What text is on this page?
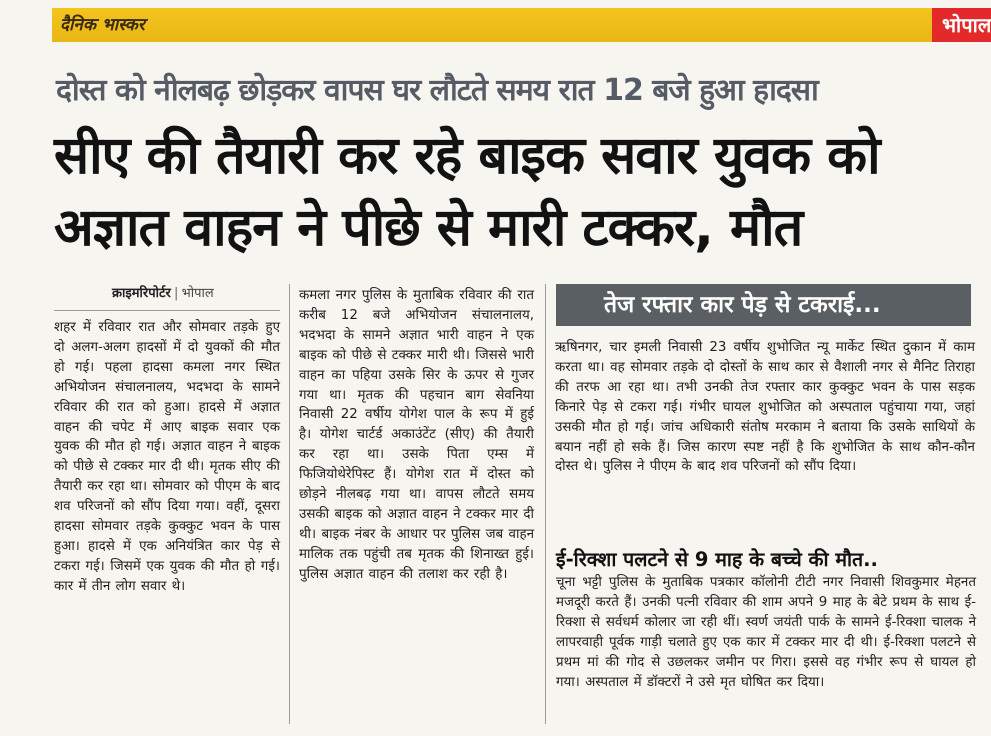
दैनिक भास्कर	भोपाल
दोस्त को नीलबढ़ छोड़कर वापस घर लौटते समय रात 12 बजे हुआ हादसा
सीए की तैयारी कर रहे बाइक सवार युवक को अज्ञात वाहन ने पीछे से मारी टक्कर, मौत
क्राइमरिपोर्टर | भोपाल
शहर में रविवार रात और सोमवार तड़के हुए दो अलग-अलग हादसों में दो युवकों की मौत हो गई। पहला हादसा कमला नगर स्थित अभियोजन संचालनालय, भदभदा के सामने रविवार की रात को हुआ। हादसे में अज्ञात वाहन की चपेट में आए बाइक सवार एक युवक की मौत हो गई। अज्ञात वाहन ने बाइक को पीछे से टक्कर मार दी थी। मृतक सीए की तैयारी कर रहा था। सोमवार को पीएम के बाद शव परिजनों को सौंप दिया गया। वहीं, दूसरा हादसा सोमवार तड़के कुक्कुट भवन के पास हुआ। हादसे में एक अनियंत्रित कार पेड़ से टकरा गई। जिसमें एक युवक की मौत हो गई। कार में तीन लोग सवार थे।
कमला नगर पुलिस के मुताबिक रविवार की रात करीब 12 बजे अभियोजन संचालनालय, भदभदा के सामने अज्ञात भारी वाहन ने एक बाइक को पीछे से टक्कर मारी थी। जिससे भारी वाहन का पहिया उसके सिर के ऊपर से गुजर गया था। मृतक की पहचान बाग सेवनिया निवासी 22 वर्षीय योगेश पाल के रूप में हुई है। योगेश चार्टर्ड अकाउंटेंट (सीए) की तैयारी कर रहा था। उसके पिता एम्स में फिजियोथेरेपिस्ट हैं। योगेश रात में दोस्त को छोड़ने नीलबढ़ गया था। वापस लौटते समय उसकी बाइक को अज्ञात वाहन ने टक्कर मार दी थी। बाइक नंबर के आधार पर पुलिस जब वाहन मालिक तक पहुंची तब मृतक की शिनाख्त हुई। पुलिस अज्ञात वाहन की तलाश कर रही है।
तेज रफ्तार कार पेड़ से टकराई...

ऋषिनगर, चार इमली निवासी 23 वर्षीय शुभोजित न्यू मार्केट स्थित दुकान में काम करता था। वह सोमवार तड़के दो दोस्तों के साथ कार से वैशाली नगर से मैनिट तिराहा की तरफ आ रहा था। तभी उनकी तेज रफ्तार कार कुक्कुट भवन के पास सड़क किनारे पेड़ से टकरा गई। गंभीर घायल शुभोजित को अस्पताल पहुंचाया गया, जहां उसकी मौत हो गई। जांच अधिकारी संतोष मरकाम ने बताया कि उसके साथियों के बयान नहीं हो सके हैं। जिस कारण स्पष्ट नहीं है कि शुभोजित के साथ कौन-कौन दोस्त थे। पुलिस ने पीएम के बाद शव परिजनों को सौंप दिया।

ई-रिक्शा पलटने से 9 माह के बच्चे की मौत..

चूना भट्टी पुलिस के मुताबिक पत्रकार कॉलोनी टीटी नगर निवासी शिवकुमार मेहनत मजदूरी करते हैं। उनकी पत्नी रविवार की शाम अपने 9 माह के बेटे प्रथम के साथ ई-रिक्शा से सर्वधर्म कोलार जा रही थीं। स्वर्ण जयंती पार्क के सामने ई-रिक्शा चालक ने लापरवाही पूर्वक गाड़ी चलाते हुए एक कार में टक्कर मार दी थी। ई-रिक्शा पलटने से प्रथम मां की गोद से उछलकर जमीन पर गिरा। इससे वह गंभीर रूप से घायल हो गया। अस्पताल में डॉक्टरों ने उसे मृत घोषित कर दिया।
